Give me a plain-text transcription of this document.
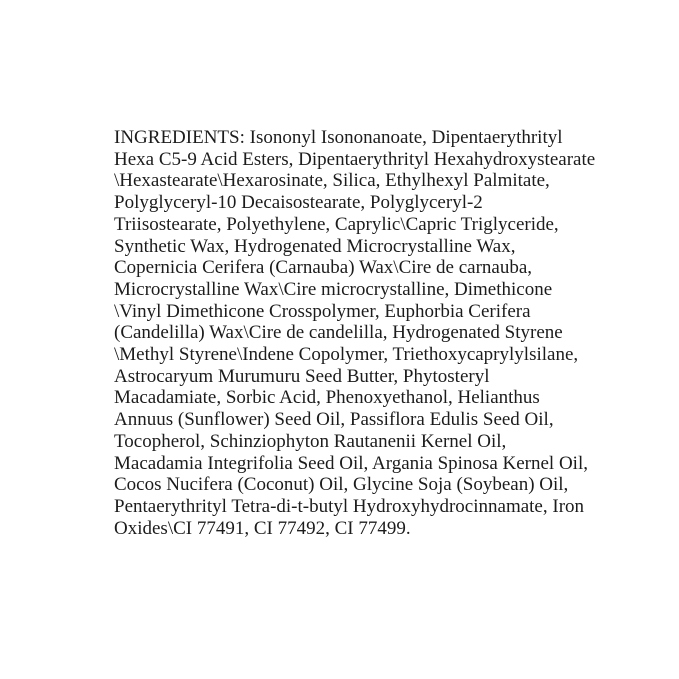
INGREDIENTS: Isononyl Isononanoate, Dipentaerythrityl
Hexa C5-9 Acid Esters, Dipentaerythrityl Hexahydroxystearate
\Hexastearate\Hexarosinate, Silica, Ethylhexyl Palmitate,
Polyglyceryl-10 Decaisostearate, Polyglyceryl-2
Triisostearate, Polyethylene, Caprylic\Capric Triglyceride,
Synthetic Wax, Hydrogenated Microcrystalline Wax,
Copernicia Cerifera (Carnauba) Wax\Cire de carnauba,
Microcrystalline Wax\Cire microcrystalline, Dimethicone
\Vinyl Dimethicone Crosspolymer, Euphorbia Cerifera
(Candelilla) Wax\Cire de candelilla, Hydrogenated Styrene
\Methyl Styrene\Indene Copolymer, Triethoxycaprylylsilane,
Astrocaryum Murumuru Seed Butter, Phytosteryl
Macadamiate, Sorbic Acid, Phenoxyethanol, Helianthus
Annuus (Sunflower) Seed Oil, Passiflora Edulis Seed Oil,
Tocopherol, Schinziophyton Rautanenii Kernel Oil,
Macadamia Integrifolia Seed Oil, Argania Spinosa Kernel Oil,
Cocos Nucifera (Coconut) Oil, Glycine Soja (Soybean) Oil,
Pentaerythrityl Tetra-di-t-butyl Hydroxyhydrocinnamate, Iron
Oxides\CI 77491, CI 77492, CI 77499.
